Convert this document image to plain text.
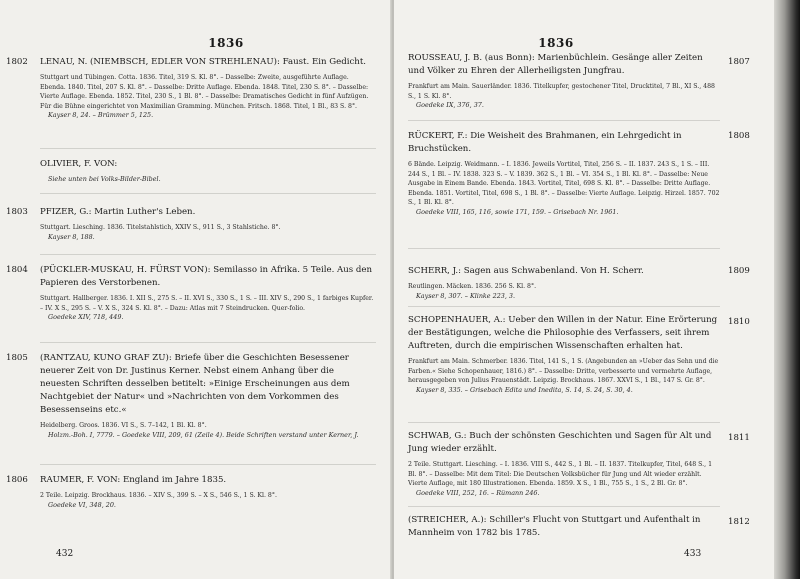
1836
1802	LENAU, N. (NIEMBSCH, EDLER VON STREHLENAU): Faust. Ein Gedicht.
Stuttgart und Tübingen. Cotta. 1836. Titel, 319 S. Kl. 8°. – Dasselbe: Zweite, ausgeführte Auflage. Ebenda. 1840. Titel, 207 S. Kl. 8°. – Dasselbe: Dritte Auflage. Ebenda. 1848. Titel, 230 S. 8°. – Dasselbe: Vierte Auflage. Ebenda. 1852. Titel, 230 S., 1 Bl. 8°. – Dasselbe: Dramatisches Gedicht in fünf Aufzügen. Für die Bühne eingerichtet von Maximilian Gramming. München. Fritsch. 1868. Titel, 1 Bl., 83 S. 8°.
Kayser 8, 24. – Brümmer 5, 125.
OLIVIER, F. VON:
Siehe unten bei Volks-Bilder-Bibel.
1803	PFIZER, G.: Martin Luther's Leben.
Stuttgart. Liesching. 1836. Titelstahlstich, XXIV S., 911 S., 3 Stahlstiche. 8°.
Kayser 8, 188.
1804	(PÜCKLER-MUSKAU, H. FÜRST VON): Semilasso in Afrika. 5 Teile. Aus den Papieren des Verstorbenen.
Stuttgart. Hallberger. 1836. I. XII S., 275 S. – II. XVI S., 330 S., 1 S. – III. XIV S., 290 S., 1 farbiges Kupfer. – IV. X S., 295 S. – V. X S., 324 S. Kl. 8°. – Dazu: Atlas mit 7 Steindrucken. Quer-folio.
Goedeke XIV, 718, 449.
1805	(RANTZAU, KUNO GRAF ZU): Briefe über die Geschichten Besessener neuerer Zeit von Dr. Justinus Kerner. Nebst einem Anhang über die neuesten Schriften desselben betitelt: »Einige Erscheinungen aus dem Nachtgebiet der Natur« und »Nachrichten von dem Vorkommen des Besessenseins etc.«
Heidelberg. Groos. 1836. VI S., S. 7–142, 1 Bl. Kl. 8°.
Holzm.-Boh. I, 7779. – Goedeke VIII, 209, 61 (Zeile 4). Beide Schriften verstand unter Kerner, J.
1806	RAUMER, F. VON: England im Jahre 1835.
2 Teile. Leipzig. Brockhaus. 1836. – XIV S., 399 S. – X S., 546 S., 1 S. Kl. 8°.
Goedeke VI, 348, 20.
432
1836
1807
ROUSSEAU, J. B. (aus Bonn): Marienbüchlein. Gesänge aller Zeiten und Völker zu Ehren der Allerheiligsten Jungfrau.
Frankfurt am Main. Sauerländer. 1836. Titelkupfer, gestochener Titel, Drucktitel, 7 Bl., XI S., 488 S., 1 S. Kl. 8°.
Goedeke IX, 376, 37.
1808
RÜCKERT, F.: Die Weisheit des Brahmanen, ein Lehrgedicht in Bruchstücken.
6 Bände. Leipzig. Weidmann. – I. 1836. Jeweils Vortitel, Titel, 256 S. – II. 1837. 243 S., 1 S. – III. 244 S., 1 Bl. – IV. 1838. 323 S. – V. 1839. 362 S., 1 Bl. – VI. 354 S., 1 Bl. Kl. 8°. – Dasselbe: Neue Ausgabe in Einem Bande. Ebenda. 1843. Vortitel, Titel, 698 S. Kl. 8°. – Dasselbe: Dritte Auflage. Ebenda. 1851. Vortitel, Titel, 698 S., 1 Bl. 8°. – Dasselbe: Vierte Auflage. Leipzig. Hirzel. 1857. 702 S., 1 Bl. Kl. 8°.
Goedeke VIII, 165, 116, sowie 171, 159. – Grisebach Nr. 1961.
1809
SCHERR, J.: Sagen aus Schwabenland. Von H. Scherr.
Reutlingen. Mäcken. 1836. 256 S. Kl. 8°.
Kayser 8, 307. – Klinke 223, 3.
1810
SCHOPENHAUER, A.: Ueber den Willen in der Natur. Eine Erörterung der Bestätigungen, welche die Philosophie des Verfassers, seit ihrem Auftreten, durch die empirischen Wissenschaften erhalten hat.
Frankfurt am Main. Schmerber. 1836. Titel, 141 S., 1 S. (Angebunden an »Ueber das Sehn und die Farben.« Siehe Schopenhauer, 1816.) 8°. – Dasselbe: Dritte, verbesserte und vermehrte Auflage, herausgegeben von Julius Frauenstädt. Leipzig. Brockhaus. 1867. XXVI S., 1 Bl., 147 S. Gr. 8°.
Kayser 8, 335. – Grisebach Edita und Inedita, S. 14, S. 24, S. 30, 4.
1811
SCHWAB, G.: Buch der schönsten Geschichten und Sagen für Alt und Jung wieder erzählt.
2 Teile. Stuttgart. Liesching. – I. 1836. VIII S., 442 S., 1 Bl. – II. 1837. Titelkupfer, Titel, 648 S., 1 Bl. 8°. – Dasselbe: Mit dem Titel: Die Deutschen Volksbücher für Jung und Alt wieder erzählt. Vierte Auflage, mit 180 Illustrationen. Ebenda. 1859. X S., 1 Bl., 755 S., 1 S., 2 Bl. Gr. 8°.
Goedeke VIII, 252, 16. – Rümann 246.
1812
(STREICHER, A.): Schiller's Flucht von Stuttgart und Aufenthalt in Mannheim von 1782 bis 1785.
433
